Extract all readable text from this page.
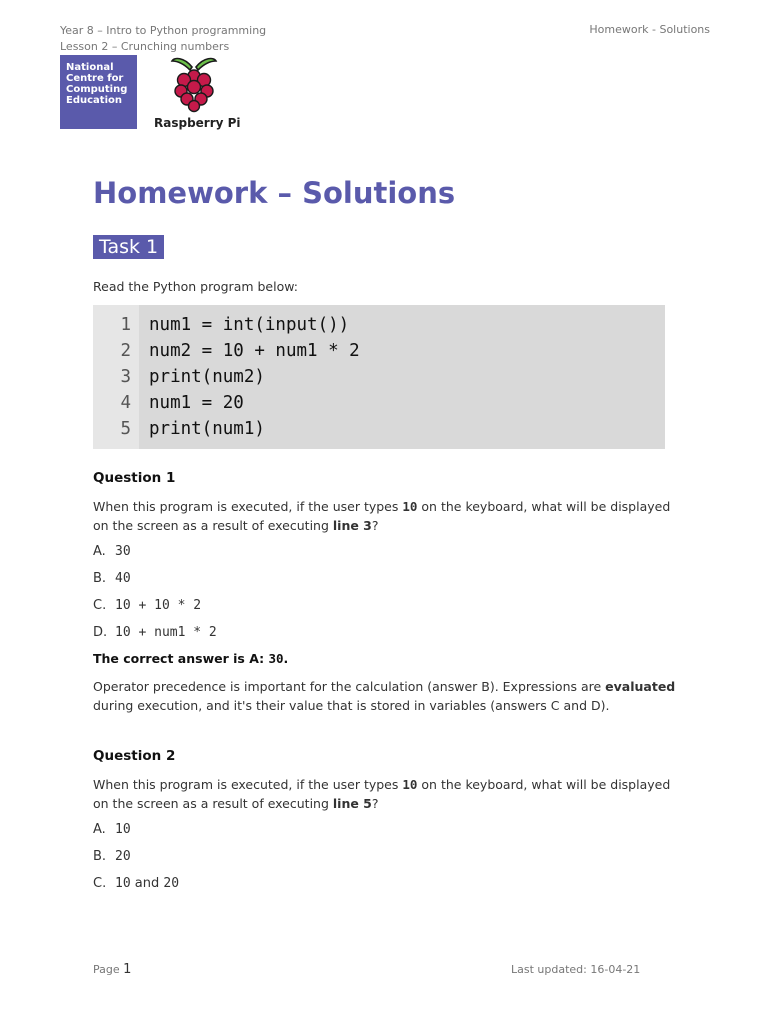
Year 8 – Intro to Python programming
Lesson 2 – Crunching numbers
Homework - Solutions
National
Centre for
Computing
Education
Raspberry Pi
Homework – Solutions
Task 1
Read the Python program below:
1 num1 = int(input())
2 num2 = 10 + num1 * 2
3 print(num2)
4 num1 = 20
5 print(num1)
Question 1
When this program is executed, if the user types 10 on the keyboard, what will be displayed on the screen as a result of executing line 3?
A. 30
B. 40
C. 10 + 10 * 2
D. 10 + num1 * 2
The correct answer is A: 30.
Operator precedence is important for the calculation (answer B). Expressions are evaluated during execution, and it's their value that is stored in variables (answers C and D).
Question 2
When this program is executed, if the user types 10 on the keyboard, what will be displayed on the screen as a result of executing line 5?
A. 10
B. 20
C. 10 and 20
Page 1	Last updated: 16-04-21
